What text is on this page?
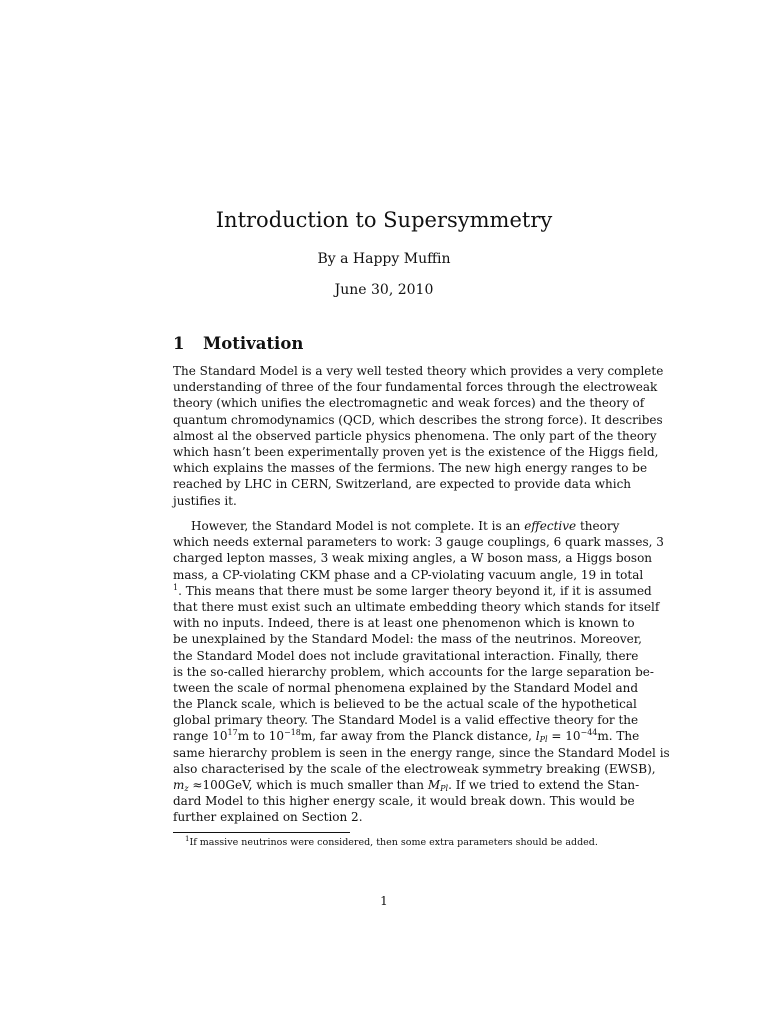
Introduction to Supersymmetry
By a Happy Muffin
June 30, 2010
1 Motivation
The Standard Model is a very well tested theory which provides a very complete
understanding of three of the four fundamental forces through the electroweak
theory (which unifies the electromagnetic and weak forces) and the theory of
quantum chromodynamics (QCD, which describes the strong force). It describes
almost al the observed particle physics phenomena. The only part of the theory
which hasn’t been experimentally proven yet is the existence of the Higgs field,
which explains the masses of the fermions. The new high energy ranges to be
reached by LHC in CERN, Switzerland, are expected to provide data which
justifies it.
However, the Standard Model is not complete. It is an effective theory
which needs external parameters to work: 3 gauge couplings, 6 quark masses, 3
charged lepton masses, 3 weak mixing angles, a W boson mass, a Higgs boson
mass, a CP-violating CKM phase and a CP-violating vacuum angle, 19 in total
$^1$. This means that there must be some larger theory beyond it, if it is assumed
that there must exist such an ultimate embedding theory which stands for itself
with no inputs. Indeed, there is at least one phenomenon which is known to
be unexplained by the Standard Model: the mass of the neutrinos. Moreover,
the Standard Model does not include gravitational interaction. Finally, there
is the so-called hierarchy problem, which accounts for the large separation be-
tween the scale of normal phenomena explained by the Standard Model and
the Planck scale, which is believed to be the actual scale of the hypothetical
global primary theory. The Standard Model is a valid effective theory for the
range $10^{17}m$ to $10^{-18}m$, far away from the Planck distance, $l_{Pl} = 10^{-44}m$. The
same hierarchy problem is seen in the energy range, since the Standard Model is
also characterised by the scale of the electroweak symmetry breaking (EWSB),
$m_z \approx 100GeV$, which is much smaller than $M_{Pl}$. If we tried to extend the Stan-
dard Model to this higher energy scale, it would break down. This would be
further explained on Section 2.
$^1$If massive neutrinos were considered, then some extra parameters should be added.
1
